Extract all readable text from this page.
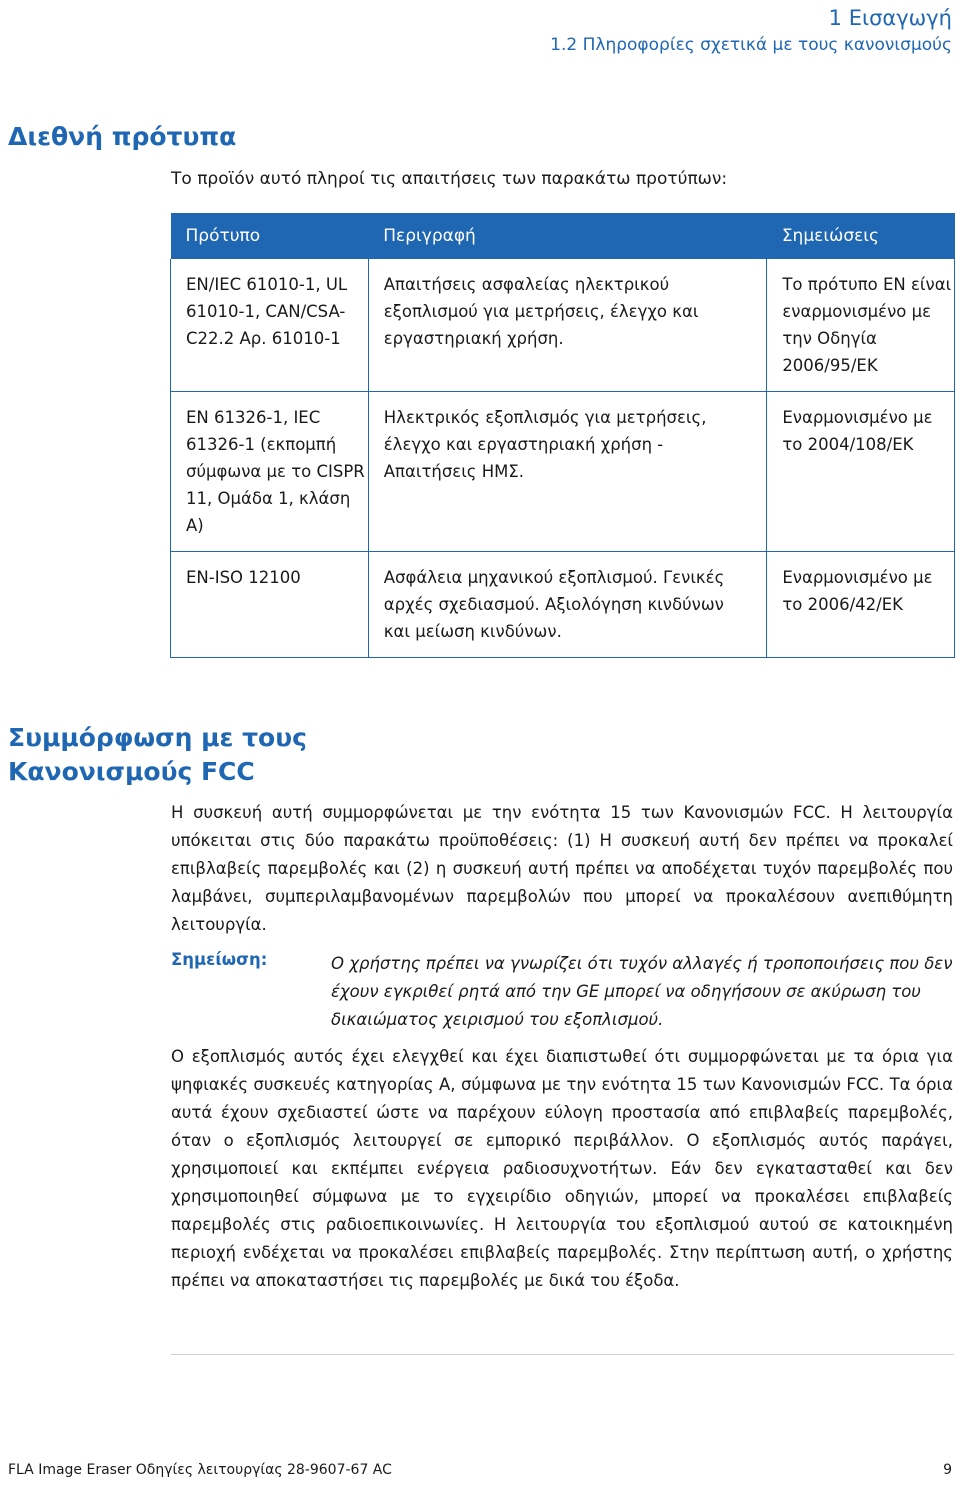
1 Εισαγωγή
1.2 Πληροφορίες σχετικά με τους κανονισμούς
Διεθνή πρότυπα
Το προϊόν αυτό πληροί τις απαιτήσεις των παρακάτω προτύπων:
Πρότυπο	Περιγραφή	Σημειώσεις
EN/IEC 61010-1, UL 61010-1, CAN/CSA-C22.2 Αρ. 61010-1	Απαιτήσεις ασφαλείας ηλεκτρικού εξοπλισμού για μετρήσεις, έλεγχο και εργαστηριακή χρήση.	Το πρότυπο EN είναι εναρμονισμένο με την Οδηγία 2006/95/ΕΚ
EN 61326-1, IEC 61326-1 (εκπομπή σύμφωνα με το CISPR 11, Ομάδα 1, κλάση A)	Ηλεκτρικός εξοπλισμός για μετρήσεις, έλεγχο και εργαστηριακή χρήση - Απαιτήσεις ΗΜΣ.	Εναρμονισμένο με το 2004/108/ΕΚ
EN-ISO 12100	Ασφάλεια μηχανικού εξοπλισμού. Γενικές αρχές σχεδιασμού. Αξιολόγηση κινδύνων και μείωση κινδύνων.	Εναρμονισμένο με το 2006/42/ΕΚ
Συμμόρφωση με τους
Κανονισμούς FCC
Η συσκευή αυτή συμμορφώνεται με την ενότητα 15 των Κανονισμών FCC. Η λειτουργία υπόκειται στις δύο παρακάτω προϋποθέσεις: (1) Η συσκευή αυτή δεν πρέπει να προκαλεί επιβλαβείς παρεμβολές και (2) η συσκευή αυτή πρέπει να αποδέχεται τυχόν παρεμβολές που λαμβάνει, συμπεριλαμβανομένων παρεμβολών που μπορεί να προκαλέσουν ανεπιθύμητη λειτουργία.
Σημείωση:	Ο χρήστης πρέπει να γνωρίζει ότι τυχόν αλλαγές ή τροποποιήσεις που δεν έχουν εγκριθεί ρητά από την GE μπορεί να οδηγήσουν σε ακύρωση του δικαιώματος χειρισμού του εξοπλισμού.
Ο εξοπλισμός αυτός έχει ελεγχθεί και έχει διαπιστωθεί ότι συμμορφώνεται με τα όρια για ψηφιακές συσκευές κατηγορίας A, σύμφωνα με την ενότητα 15 των Κανονισμών FCC. Τα όρια αυτά έχουν σχεδιαστεί ώστε να παρέχουν εύλογη προστασία από επιβλαβείς παρεμβολές, όταν ο εξοπλισμός λειτουργεί σε εμπορικό περιβάλλον. Ο εξοπλισμός αυτός παράγει, χρησιμοποιεί και εκπέμπει ενέργεια ραδιοσυχνοτήτων. Εάν δεν εγκατασταθεί και δεν χρησιμοποιηθεί σύμφωνα με το εγχειρίδιο οδηγιών, μπορεί να προκαλέσει επιβλαβείς παρεμβολές στις ραδιοεπικοινωνίες. Η λειτουργία του εξοπλισμού αυτού σε κατοικημένη περιοχή ενδέχεται να προκαλέσει επιβλαβείς παρεμβολές. Στην περίπτωση αυτή, ο χρήστης πρέπει να αποκαταστήσει τις παρεμβολές με δικά του έξοδα.
FLA Image Eraser Οδηγίες λειτουργίας 28-9607-67 AC	9
